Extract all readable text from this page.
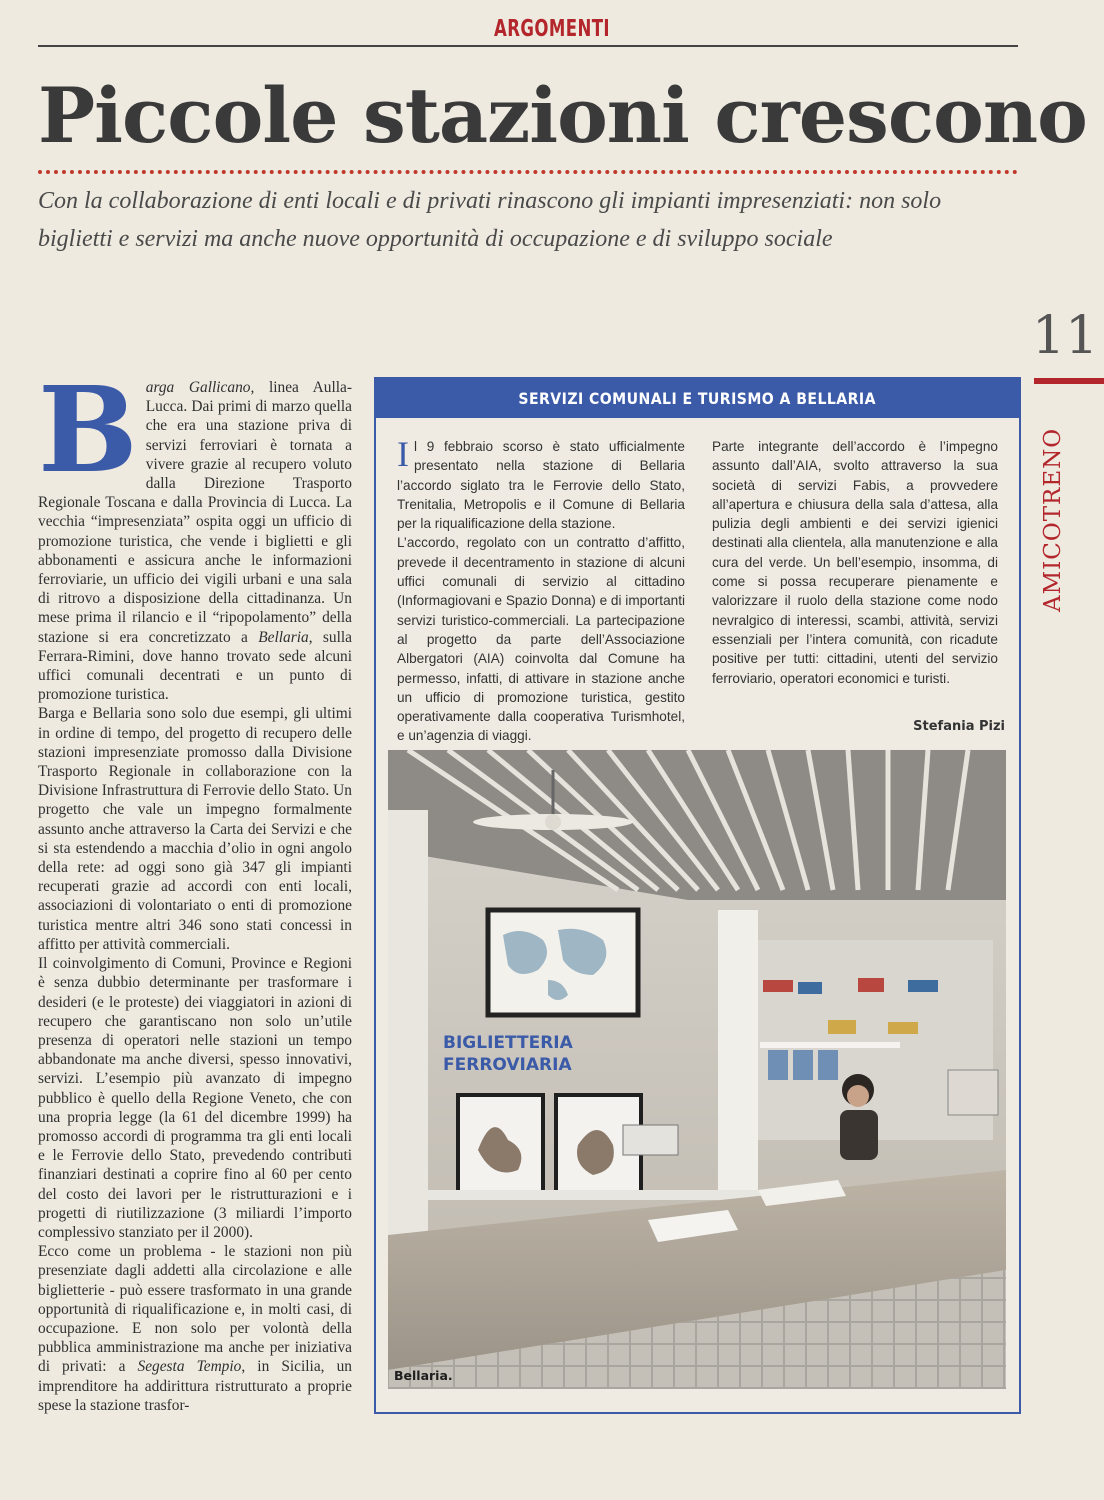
ARGOMENTI
Piccole stazioni crescono

Con la collaborazione di enti locali e di privati rinascono gli impianti impresenziati: non solo biglietti e servizi ma anche nuove opportunità di occupazione e di sviluppo sociale

11
AMICOTRENO

Barga Gallicano, linea Aulla-Lucca. Dai primi di marzo quella che era una stazione priva di servizi ferroviari è tornata a vivere grazie al recupero voluto dalla Direzione Trasporto Regionale Toscana e dalla Provincia di Lucca. La vecchia “impresenziata” ospita oggi un ufficio di promozione turistica, che vende i biglietti e gli abbonamenti e assicura anche le informazioni ferroviarie, un ufficio dei vigili urbani e una sala di ritrovo a disposizione della cittadinanza. Un mese prima il rilancio e il “ripopolamento” della stazione si era concretizzato a Bellaria, sulla Ferrara-Rimini, dove hanno trovato sede alcuni uffici comunali decentrati e un punto di promozione turistica.

Barga e Bellaria sono solo due esempi, gli ultimi in ordine di tempo, del progetto di recupero delle stazioni impresenziate promosso dalla Divisione Trasporto Regionale in collaborazione con la Divisione Infrastruttura di Ferrovie dello Stato. Un progetto che vale un impegno formalmente assunto anche attraverso la Carta dei Servizi e che si sta estendendo a macchia d’olio in ogni angolo della rete: ad oggi sono già 347 gli impianti recuperati grazie ad accordi con enti locali, associazioni di volontariato o enti di promozione turistica mentre altri 346 sono stati concessi in affitto per attività commerciali.

Il coinvolgimento di Comuni, Province e Regioni è senza dubbio determinante per trasformare i desideri (e le proteste) dei viaggiatori in azioni di recupero che garantiscano non solo un’utile presenza di operatori nelle stazioni un tempo abbandonate ma anche diversi, spesso innovativi, servizi. L’esempio più avanzato di impegno pubblico è quello della Regione Veneto, che con una propria legge (la 61 del dicembre 1999) ha promosso accordi di programma tra gli enti locali e le Ferrovie dello Stato, prevedendo contributi finanziari destinati a coprire fino al 60 per cento del costo dei lavori per le ristrutturazioni e i progetti di riutilizzazione (3 miliardi l’importo complessivo stanziato per il 2000).

Ecco come un problema - le stazioni non più presenziate dagli addetti alla circolazione e alle biglietterie - può essere trasformato in una grande opportunità di riqualificazione e, in molti casi, di occupazione. E non solo per volontà della pubblica amministrazione ma anche per iniziativa di privati: a Segesta Tempio, in Sicilia, un imprenditore ha addirittura ristrutturato a proprie spese la stazione trasfor-

SERVIZI COMUNALI E TURISMO A BELLARIA

Il 9 febbraio scorso è stato ufficialmente presentato nella stazione di Bellaria l’accordo siglato tra le Ferrovie dello Stato, Trenitalia, Metropolis e il Comune di Bellaria per la riqualificazione della stazione.

L’accordo, regolato con un contratto d’affitto, prevede il decentramento in stazione di alcuni uffici comunali di servizio al cittadino (Informagiovani e Spazio Donna) e di importanti servizi turistico-commerciali. La partecipazione al progetto da parte dell’Associazione Albergatori (AIA) coinvolta dal Comune ha permesso, infatti, di attivare in stazione anche un ufficio di promozione turistica, gestito operativamente dalla cooperativa Turismhotel, e un’agenzia di viaggi.

Parte integrante dell’accordo è l’impegno assunto dall’AIA, svolto attraverso la sua società di servizi Fabis, a provvedere all’apertura e chiusura della sala d’attesa, alla pulizia degli ambienti e dei servizi igienici destinati alla clientela, alla manutenzione e alla cura del verde. Un bell’esempio, insomma, di come si possa recuperare pienamente e valorizzare il ruolo della stazione come nodo nevralgico di interessi, scambi, attività, servizi essenziali per l’intera comunità, con ricadute positive per tutti: cittadini, utenti del servizio ferroviario, operatori economici e turisti.

Stefania Pizi
BIGLIETTERIA
FERROVIARIA
Bellaria.
